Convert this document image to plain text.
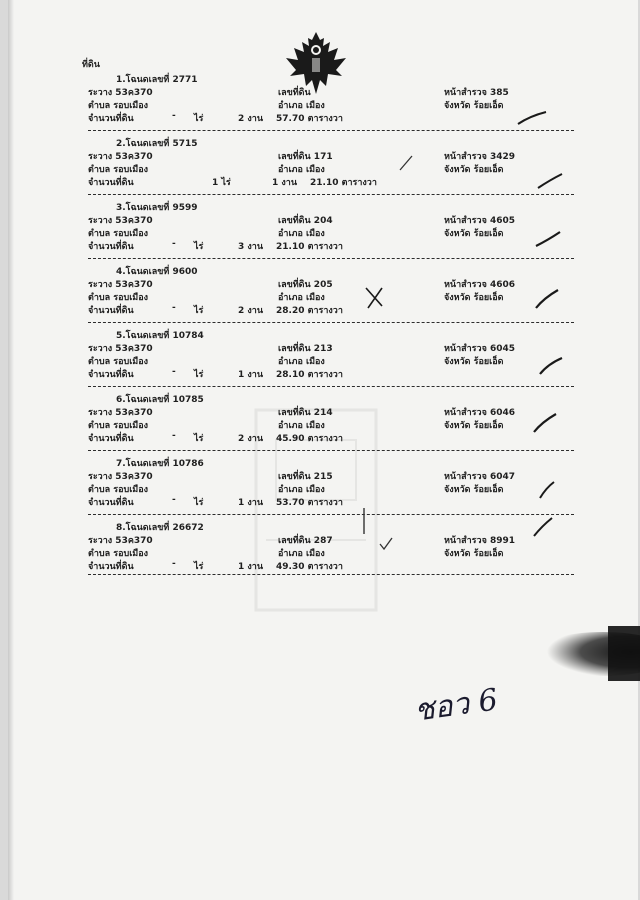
ที่ดิน
1.โฉนดเลขที่ 2771
ระวาง 53ค370
ตำบล รอบเมือง
จำนวนที่ดิน	- ไร่	2 งาน 57.70 ตารางวา
เลขที่ดิน
อำเภอ เมือง
หน้าสำรวจ 385
จังหวัด ร้อยเอ็ด
2.โฉนดเลขที่ 5715
ระวาง 53ค370
ตำบล รอบเมือง
จำนวนที่ดิน	1 ไร่	1 งาน 21.10 ตารางวา
เลขที่ดิน 171
อำเภอ เมือง
หน้าสำรวจ 3429
จังหวัด ร้อยเอ็ด
3.โฉนดเลขที่ 9599
ระวาง 53ค370
ตำบล รอบเมือง
จำนวนที่ดิน	- ไร่	3 งาน 21.10 ตารางวา
เลขที่ดิน 204
อำเภอ เมือง
หน้าสำรวจ 4605
จังหวัด ร้อยเอ็ด
4.โฉนดเลขที่ 9600
ระวาง 53ค370
ตำบล รอบเมือง
จำนวนที่ดิน	- ไร่	2 งาน 28.20 ตารางวา
เลขที่ดิน 205
อำเภอ เมือง
หน้าสำรวจ 4606
จังหวัด ร้อยเอ็ด
5.โฉนดเลขที่ 10784
ระวาง 53ค370
ตำบล รอบเมือง
จำนวนที่ดิน	- ไร่	1 งาน 28.10 ตารางวา
เลขที่ดิน 213
อำเภอ เมือง
หน้าสำรวจ 6045
จังหวัด ร้อยเอ็ด
6.โฉนดเลขที่ 10785
ระวาง 53ค370
ตำบล รอบเมือง
จำนวนที่ดิน	- ไร่	2 งาน 45.90 ตารางวา
เลขที่ดิน 214
อำเภอ เมือง
หน้าสำรวจ 6046
จังหวัด ร้อยเอ็ด
7.โฉนดเลขที่ 10786
ระวาง 53ค370
ตำบล รอบเมือง
จำนวนที่ดิน	- ไร่	1 งาน 53.70 ตารางวา
เลขที่ดิน 215
อำเภอ เมือง
หน้าสำรวจ 6047
จังหวัด ร้อยเอ็ด
8.โฉนดเลขที่ 26672
ระวาง 53ค370
ตำบล รอบเมือง
จำนวนที่ดิน	- ไร่	1 งาน 49.30 ตารางวา
เลขที่ดิน 287
อำเภอ เมือง
หน้าสำรวจ 8991
จังหวัด ร้อยเอ็ด
ชอว 6
